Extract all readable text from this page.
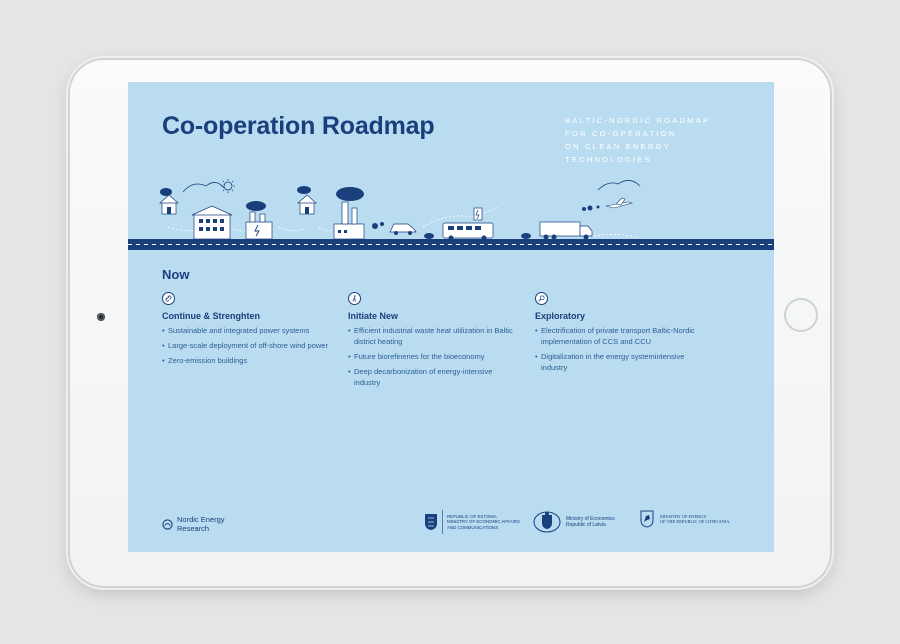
Co-operation Roadmap	BALTIC-NORDIC ROADMAP
FOR CO-OPERATION
ON CLEAN ENERGY
TECHNOLOGIES
Now
Continue & Strenghten
• Sustainable and integrated power systems
• Large-scale deployment of off-shore wind power
• Zero-emission buildings
Initiate New
• Efficient industrial waste heat utilization in Baltic district heating
• Future biorefineries for the bioeconomy
• Deep decarbonization of energy-intensive industry
Exploratory
• Electrification of private transport Baltic-Nordic implementation of CCS and CCU
• Digitalization in the energy systemintensive industry
Nordic Energy
Research
REPUBLIC OF ESTONIA
MINISTRY OF ECONOMIC AFFAIRS
AND COMMUNICATIONS
Ministry of Economics
Republic of Latvia
MINISTRY OF ENERGY
OF THE REPUBLIC OF LITHUANIA
